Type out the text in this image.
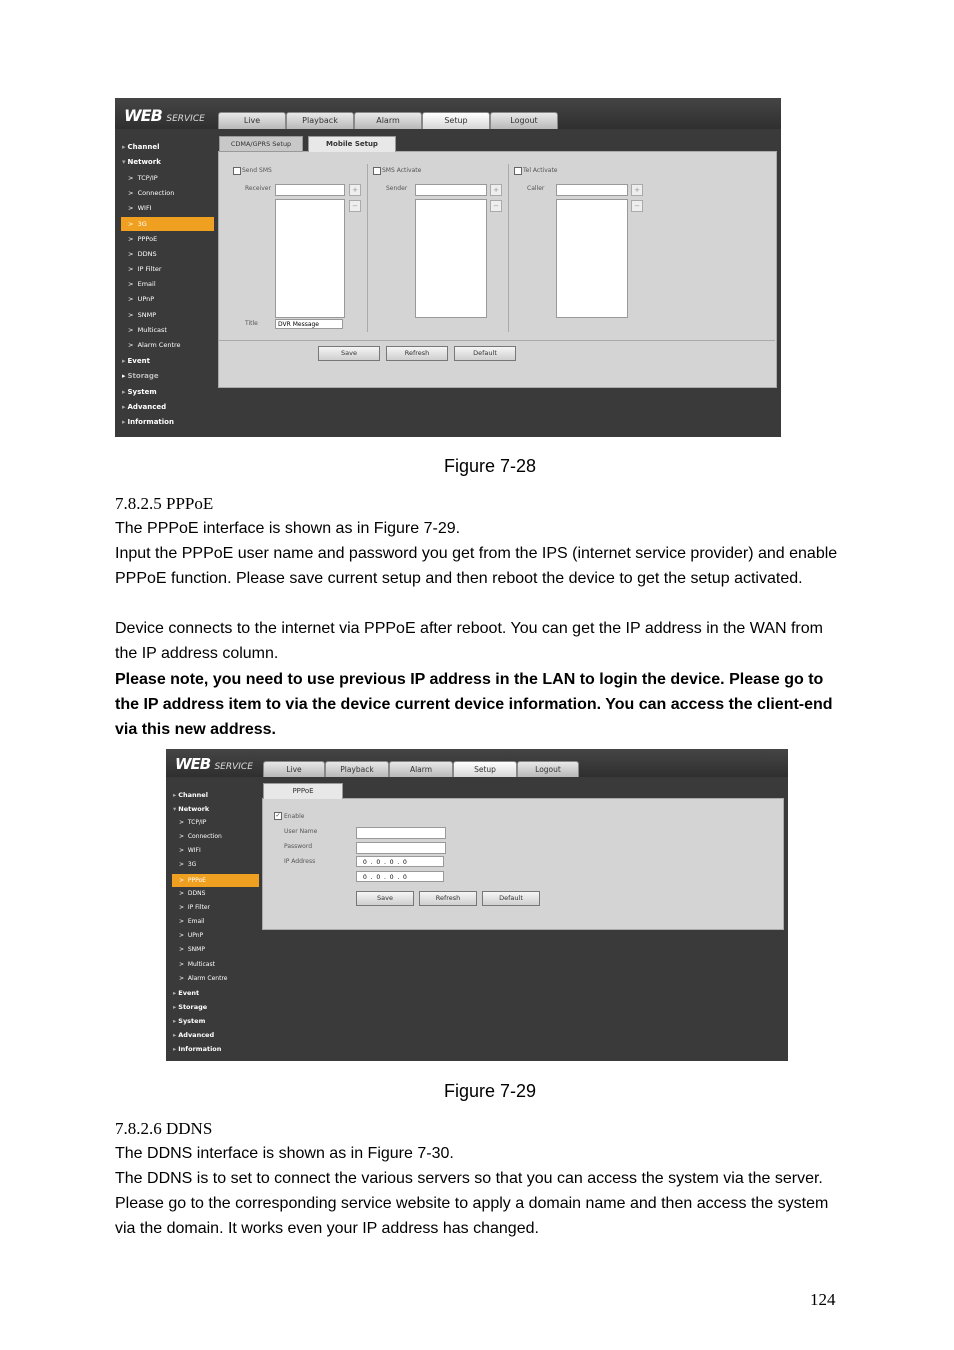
WEB SERVICE	Live	Playback	Alarm	Setup	Logout
▸ Channel
▾ Network
>  TCP/IP
>  Connection
>  WIFI
>  3G
>  PPPoE
>  DDNS
>  IP Filter
>  Email
>  UPnP
>  SNMP
>  Multicast
>  Alarm Centre
▸ Event
▸ Storage
▸ System
▸ Advanced
▸ Information
CDMA/GPRS Setup	Mobile Setup
Send SMS
Receiver	+
−
Title	DVR Message
SMS Activate
Sender	+
−
Tel Activate
Caller	+
−
Save	Refresh	Default
Figure 7-28
7.8.2.5 PPPoE
The PPPoE interface is shown as in Figure 7-29.
Input the PPPoE user name and password you get from the IPS (internet service provider) and enable PPPoE function. Please save current setup and then reboot the device to get the setup activated.
Device connects to the internet via PPPoE after reboot. You can get the IP address in the WAN from the IP address column.
Please note, you need to use previous IP address in the LAN to login the device. Please go to the IP address item to via the device current device information. You can access the client-end via this new address.
WEB SERVICE	Live	Playback	Alarm	Setup	Logout
▸ Channel
▾ Network
>  TCP/IP
>  Connection
>  WIFI
>  3G
>  PPPoE
>  DDNS
>  IP Filter
>  Email
>  UPnP
>  SNMP
>  Multicast
>  Alarm Centre
▸ Event
▸ Storage
▸ System
▸ Advanced
▸ Information
PPPoE
✓ Enable
User Name
Password
IP Address	0  .  0  .  0  .  0
0  .  0  .  0  .  0
Save	Refresh	Default
Figure 7-29
7.8.2.6 DDNS
The DDNS interface is shown as in Figure 7-30.
The DDNS is to set to connect the various servers so that you can access the system via the server. Please go to the corresponding service website to apply a domain name and then access the system via the domain. It works even your IP address has changed.
124
